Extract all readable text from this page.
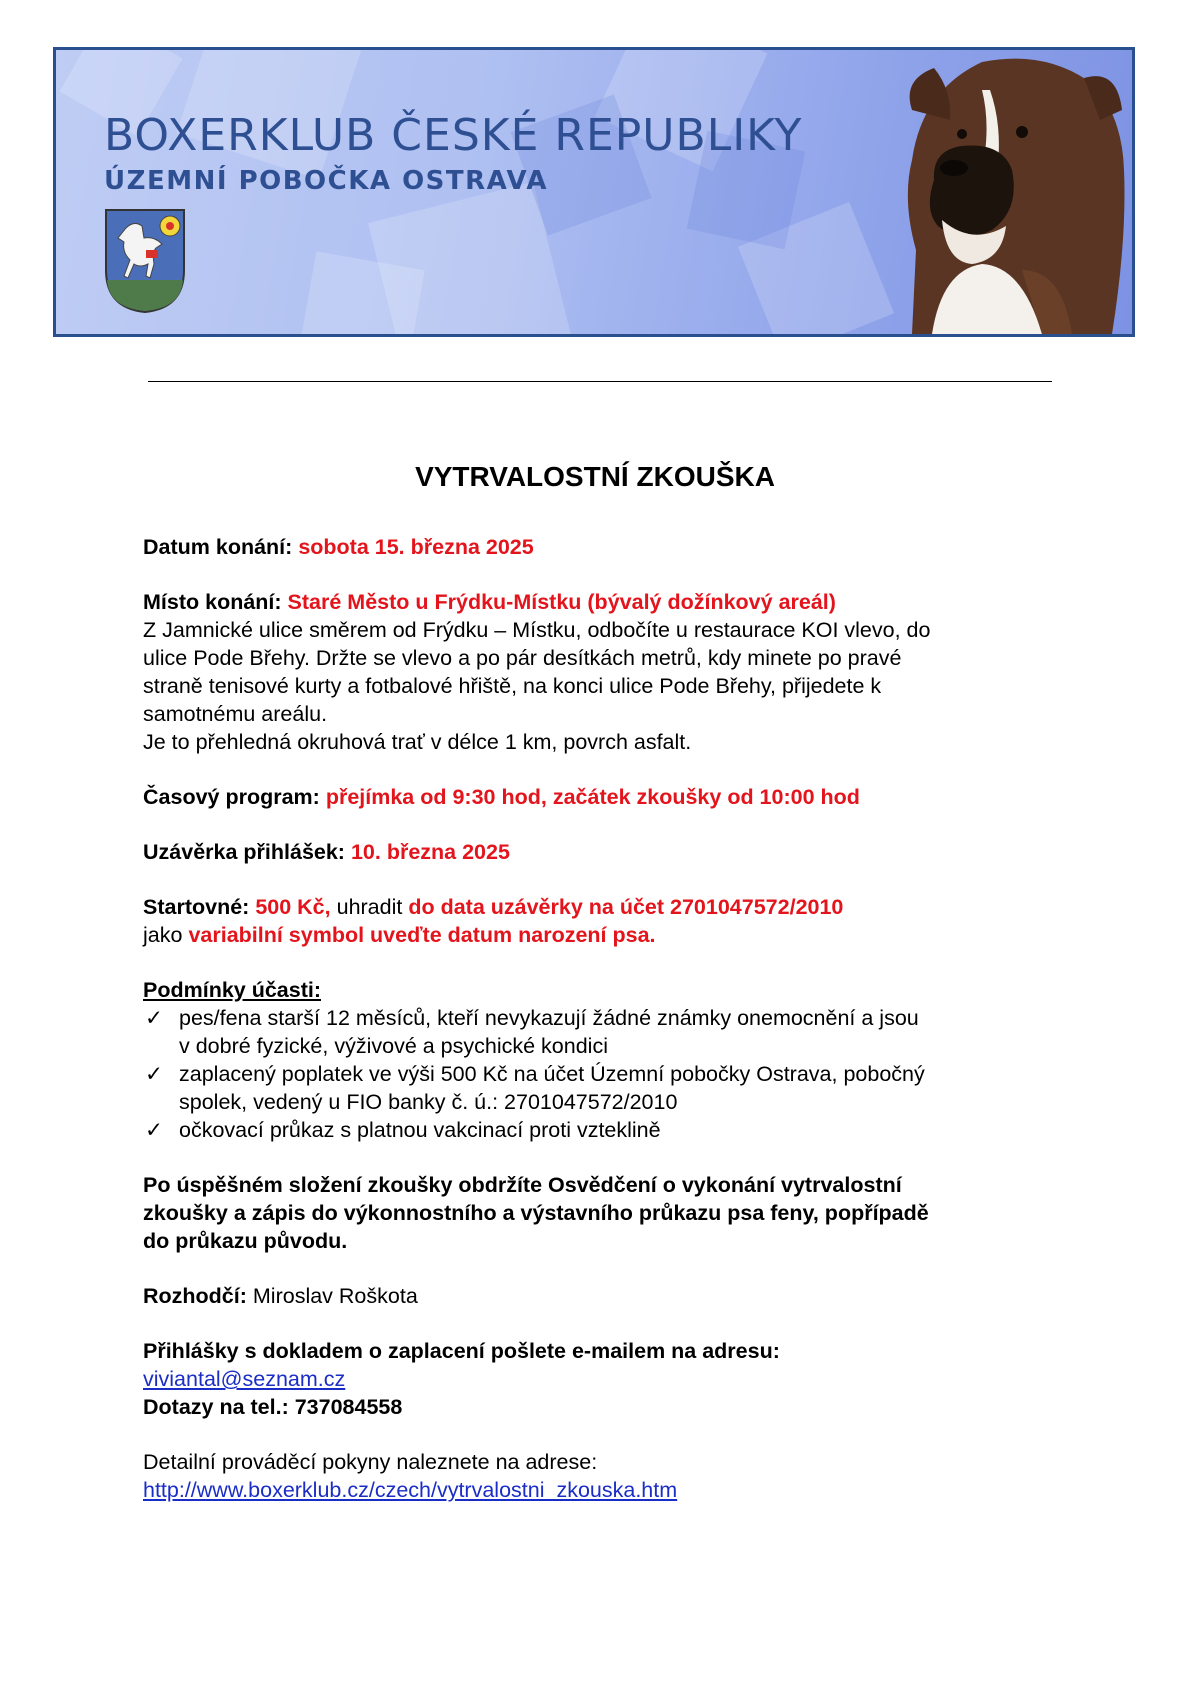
BOXERKLUB ČESKÉ REPUBLIKY
ÚZEMNÍ POBOČKA OSTRAVA
VYTRVALOSTNÍ ZKOUŠKA

Datum konání: sobota 15. března 2025

Místo konání: Staré Město u Frýdku-Místku (bývalý dožínkový areál)

Z Jamnické ulice směrem od Frýdku – Místku, odbočíte u restaurace KOI vlevo, do

ulice Pode Břehy. Držte se vlevo a po pár desítkách metrů, kdy minete po pravé

straně tenisové kurty a fotbalové hřiště, na konci ulice Pode Břehy, přijedete k

samotnému areálu.

Je to přehledná okruhová trať v délce 1 km, povrch asfalt.

Časový program: přejímka od 9:30 hod, začátek zkoušky od 10:00 hod

Uzávěrka přihlášek: 10. března 2025

Startovné: 500 Kč, uhradit do data uzávěrky na účet 2701047572/2010

jako variabilní symbol uveďte datum narození psa.

Podmínky účasti:

✓ pes/fena starší 12 měsíců, kteří nevykazují žádné známky onemocnění a jsou
v dobré fyzické, výživové a psychické kondici
✓ zaplacený poplatek ve výši 500 Kč na účet Územní pobočky Ostrava, pobočný
spolek, vedený u FIO banky č. ú.: 2701047572/2010
✓ očkovací průkaz s platnou vakcinací proti vzteklině

Po úspěšném složení zkoušky obdržíte Osvědčení o vykonání vytrvalostní

zkoušky a zápis do výkonnostního a výstavního průkazu psa feny, popřípadě

do průkazu původu.

Rozhodčí: Miroslav Roškota

Přihlášky s dokladem o zaplacení pošlete e-mailem na adresu:

viviantal@seznam.cz

Dotazy na tel.: 737084558

Detailní prováděcí pokyny naleznete na adrese:

http://www.boxerklub.cz/czech/vytrvalostni_zkouska.htm
